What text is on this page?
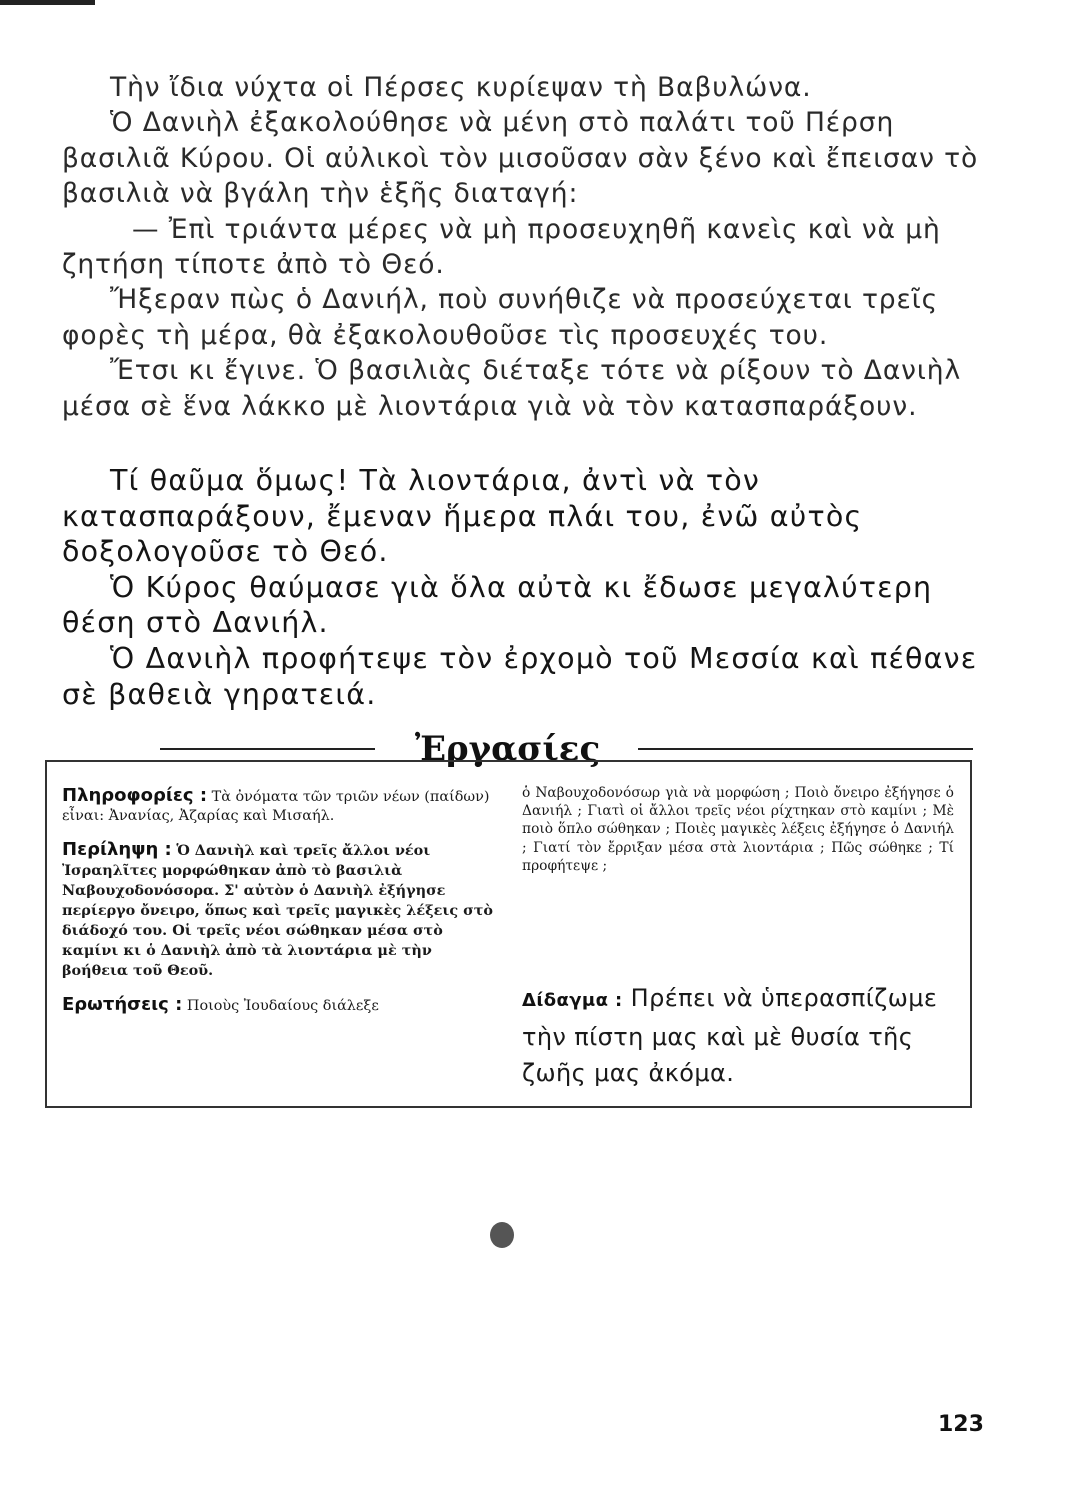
Τὴν ἴδια νύχτα οἱ Πέρσες κυρίεψαν τὴ Βαβυλώνα.

Ὁ Δανιὴλ ἐξακολούθησε νὰ μένη στὸ παλάτι τοῦ Πέρση βασιλιᾶ Κύρου. Οἱ αὐλικοὶ τὸν μισοῦσαν σὰν ξένο καὶ ἔπεισαν τὸ βασιλιὰ νὰ βγάλη τὴν ἑξῆς διαταγή:

— Ἐπὶ τριάντα μέρες νὰ μὴ προσευχηθῆ κανεὶς καὶ νὰ μὴ ζητήση τίποτε ἀπὸ τὸ Θεό.

Ἤξεραν πὼς ὁ Δανιήλ, ποὺ συνήθιζε νὰ προσεύχεται τρεῖς φορὲς τὴ μέρα, θὰ ἐξακολουθοῦσε τὶς προσευχές του.

Ἔτσι κι ἔγινε. Ὁ βασιλιὰς διέταξε τότε νὰ ρίξουν τὸ Δανιὴλ μέσα σὲ ἕνα λάκκο μὲ λιοντάρια γιὰ νὰ τὸν κατασπαράξουν.

Τί θαῦμα ὅμως! Τὰ λιοντάρια, ἀντὶ νὰ τὸν κατασπαράξουν, ἔμεναν ἥμερα πλάι του, ἐνῶ αὐτὸς δοξολογοῦσε τὸ Θεό.

Ὁ Κύρος θαύμασε γιὰ ὅλα αὐτὰ κι ἔδωσε μεγαλύτερη θέση στὸ Δανιήλ.

Ὁ Δανιὴλ προφήτεψε τὸν ἐρχομὸ τοῦ Μεσσία καὶ πέθανε σὲ βαθειὰ γηρατειά.

Ἐργασίες

Πληροφορίες : Τὰ ὀνόματα τῶν τριῶν νέων (παίδων) εἶναι: Ἀνανίας, Ἀζαρίας καὶ Μισαήλ.

Περίληψη : Ὁ Δανιὴλ καὶ τρεῖς ἄλλοι νέοι Ἰσραηλῖτες μορφώθηκαν ἀπὸ τὸ βασιλιὰ Ναβουχοδονόσορα. Σ' αὐτὸν ὁ Δανιὴλ ἐξήγησε περίεργο ὄνειρο, ὅπως καὶ τρεῖς μαγικὲς λέξεις στὸ διάδοχό του. Οἱ τρεῖς νέοι σώθηκαν μέσα στὸ καμίνι κι ὁ Δανιὴλ ἀπὸ τὰ λιοντάρια μὲ τὴν βοήθεια τοῦ Θεοῦ.

Ερωτήσεις : Ποιοὺς Ἰουδαίους διάλεξε

ὁ Ναβουχοδονόσωρ γιὰ νὰ μορφώση ; Ποιὸ ὄνειρο ἐξήγησε ὁ Δανιήλ ; Γιατὶ οἱ ἄλλοι τρεῖς νέοι ρίχτηκαν στὸ καμίνι ; Μὲ ποιὸ ὅπλο σώθηκαν ; Ποιὲς μαγικὲς λέξεις ἐξήγησε ὁ Δανιήλ ; Γιατί τὸν ἔρριξαν μέσα στὰ λιοντάρια ; Πῶς σώθηκε ; Τί προφήτεψε ;

Δίδαγμα : Πρέπει νὰ ὑπερασπίζωμε τὴν πίστη μας καὶ μὲ θυσία τῆς ζωῆς μας ἀκόμα.
123
